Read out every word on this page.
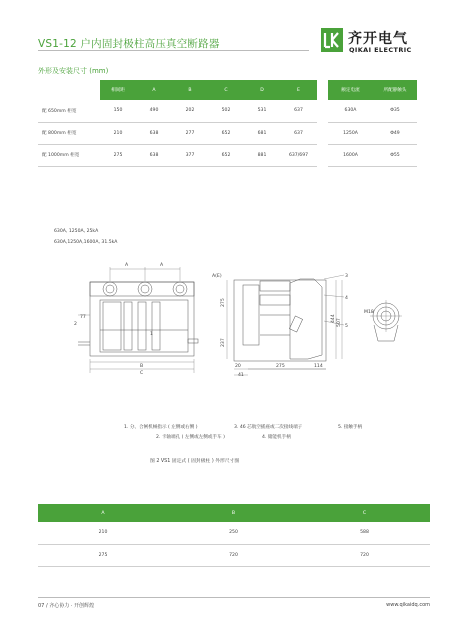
VS1-12 户内固封极柱高压真空断路器	齐开电气
QIKAI ELECTRIC
外形及安装尺寸 (mm)
	相间距	A	B	C	D	E		额定电流	所配静触头
配 650mm 柜宽	150	490	202	502	531	637		630A	Φ35
配 800mm 柜宽	210	638	277	652	681	637		1250A	Φ49
配 1000mm 柜宽	275	638	377	652	881	637/697		1600A	Φ55
630A, 1250A, 25kA
630A,1250A,1600A, 31.5kA
A	A
2
77
B
C
A(E)
275
237
20	275	114
41
444 507
M18
3
4
5
1
1. 分、合闸机械指示 ( 左侧或右侧 )	3. 46 芯航空插座或二次接线端子	5. 接触手柄
2. 卡轴端孔 ( 左侧或左侧或手车 )	4. 储能机手柄
图 2 VS1 固定式 ( 固封极柱 ) 外形尺寸图
A	B	C
210	250	588
275	720	720
07 / 齐心协力 · 开创辉煌	www.qikaidq.com
